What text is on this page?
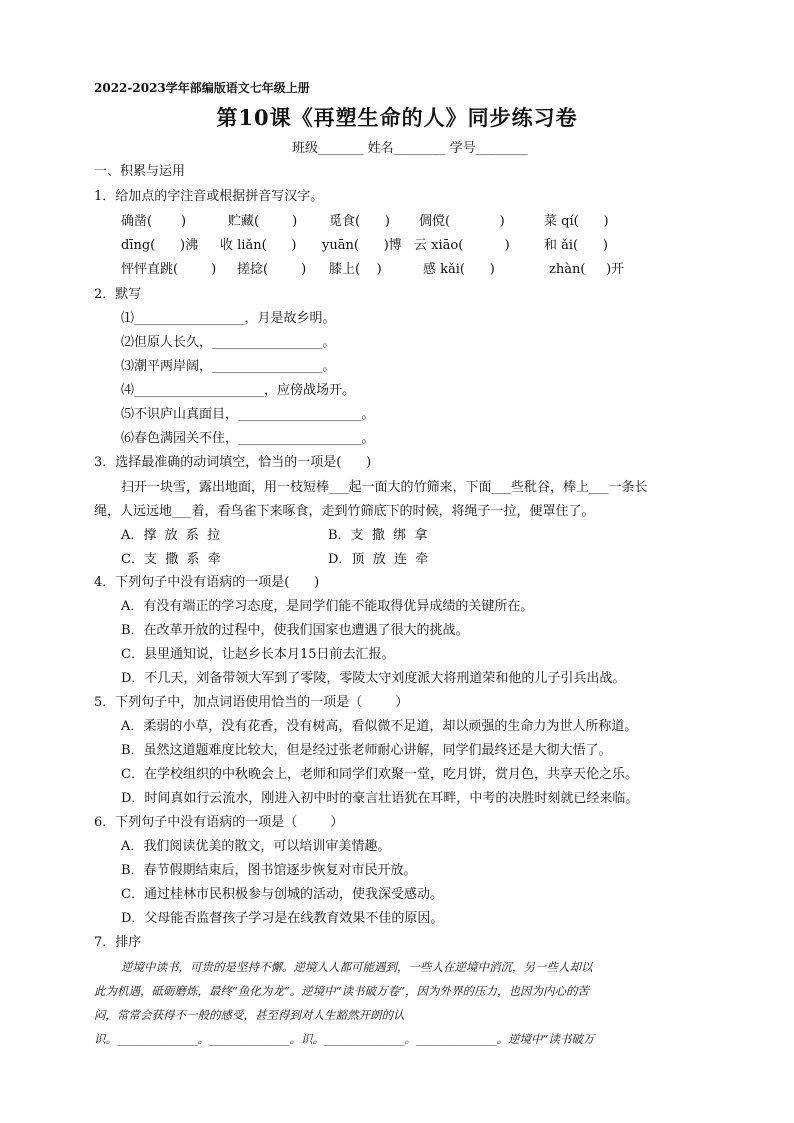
2022-2023学年部编版语文七年级上册
第10课《再塑生命的人》同步练习卷
班级_______ 姓名________ 学号________
一、积累与运用
1．给加点的字注音或根据拼音写汉字。
确凿(       )	贮藏(        ) 觅食(      ) 倜傥(            )	菜 qí(      )
dīng(      )沸 收 liǎn(      ) yuān(      )博 云 xiāo(          )	和 ǎi(      )
怦怦直跳(        ) 搓捻(        ) 膝上(    )	感 kǎi(      )	zhàn(     )开
2．默写
⑴_________________，月是故乡明。
⑵但原人长久，_________________。
⑶潮平两岸阔，_________________。
⑷____________________，应傍战场开。
⑸不识庐山真面目，___________________。
⑹春色满园关不住，___________________。
3．选择最准确的动词填空，恰当的一项是(      )
扫开一块雪，露出地面，用一枝短棒___起一面大的竹筛来，下面___些秕谷，棒上___一条长
绳，人远远地___着，看鸟雀下来啄食，走到竹筛底下的时候，将绳子一拉，便罩住了。
A．撑  放  系  拉	B．支  撒  绑  拿
C．支  撒  系  牵	D．顶  放  连  牵
4．下列句子中没有语病的一项是(      )
A．有没有端正的学习态度，是同学们能不能取得优异成绩的关键所在。
B．在改革开放的过程中，使我们国家也遭遇了很大的挑战。
C．县里通知说，让赵乡长本月15日前去汇报。
D．不几天，刘备带领大军到了零陵，零陵太守刘度派大将刑道荣和他的儿子引兵出战。
5．下列句子中，加点词语使用恰当的一项是（        ）
A．柔弱的小草，没有花香，没有树高，看似微不足道，却以顽强的生命力为世人所称道。
B．虽然这道题难度比较大，但是经过张老师耐心讲解，同学们最终还是大彻大悟了。
C．在学校组织的中秋晚会上，老师和同学们欢聚一堂，吃月饼，赏月色，共享天伦之乐。
D．时间真如行云流水，刚进入初中时的豪言壮语犹在耳畔，中考的决胜时刻就已经来临。
6．下列句子中没有语病的一项是（        ）
A．我们阅读优美的散文，可以培训审美情趣。
B．春节假期结束后，图书馆逐步恢复对市民开放。
C．通过桂林市民积极参与创城的活动，使我深受感动。
D．父母能否监督孩子学习是在线教育效果不佳的原因。
7．排序
逆境中读书，可贵的是坚持不懈。逆境人人都可能遇到，一些人在逆境中消沉，另一些人却以
此为机遇，砥砺磨炼，最终“鱼化为龙”。逆境中“读书破万卷”，因为外界的压力，也因为内心的苦
闷，常常会获得不一般的感受，甚至得到对人生豁然开朗的认
识。______________。______________。识。______________。______________。逆境中“读书破万
